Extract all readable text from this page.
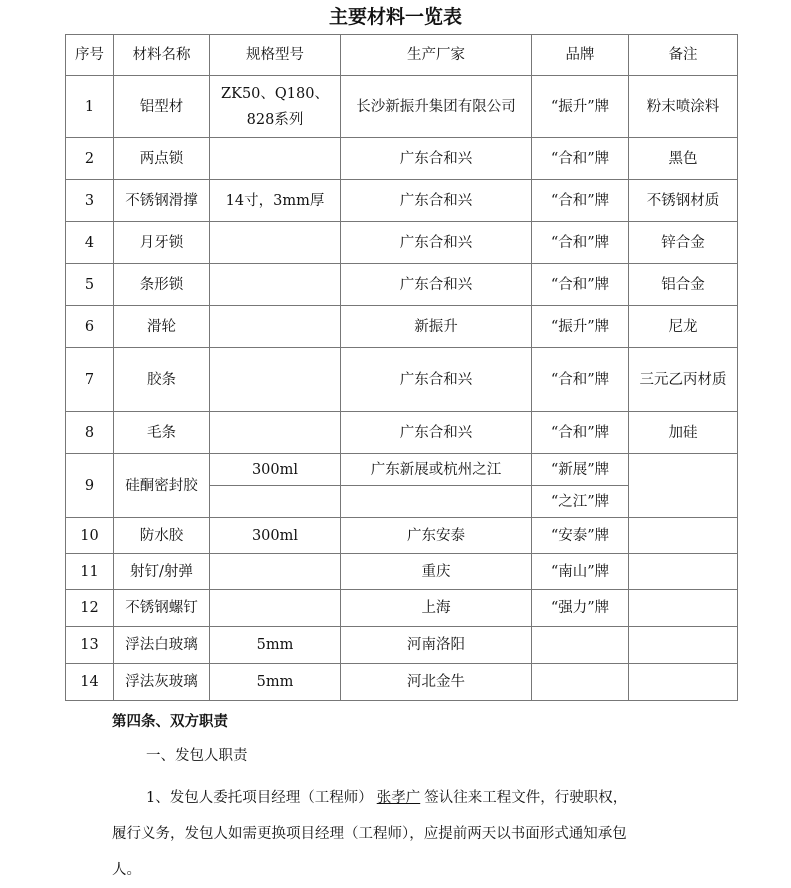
主要材料一览表
序号	材料名称	规格型号	生产厂家	品牌	备注
1	铝型材	ZK50、Q180、828系列	长沙新振升集团有限公司	“振升”牌	粉末喷涂料
2	两点锁		广东合和兴	“合和”牌	黑色
3	不锈钢滑撑	14寸，3mm厚	广东合和兴	“合和”牌	不锈钢材质
4	月牙锁		广东合和兴	“合和”牌	锌合金
5	条形锁		广东合和兴	“合和”牌	铝合金
6	滑轮		新振升	“振升”牌	尼龙
7	胶条		广东合和兴	“合和”牌	三元乙丙材质
8	毛条		广东合和兴	“合和”牌	加硅
9	硅酮密封胶	300ml	广东新展或杭州之江	“新展”牌	
				“之江”牌	
10	防水胶	300ml	广东安泰	“安泰”牌	
11	射钉/射弹		重庆	“南山”牌	
12	不锈钢螺钉		上海	“强力”牌	
13	浮法白玻璃	5mm	河南洛阳		
14	浮法灰玻璃	5mm	河北金牛		
第四条、双方职责
一、发包人职责
1、发包人委托项目经理（工程师） 张孝广 签认往来工程文件，行驶职权，
履行义务，发包人如需更换项目经理（工程师），应提前两天以书面形式通知承包
人。
